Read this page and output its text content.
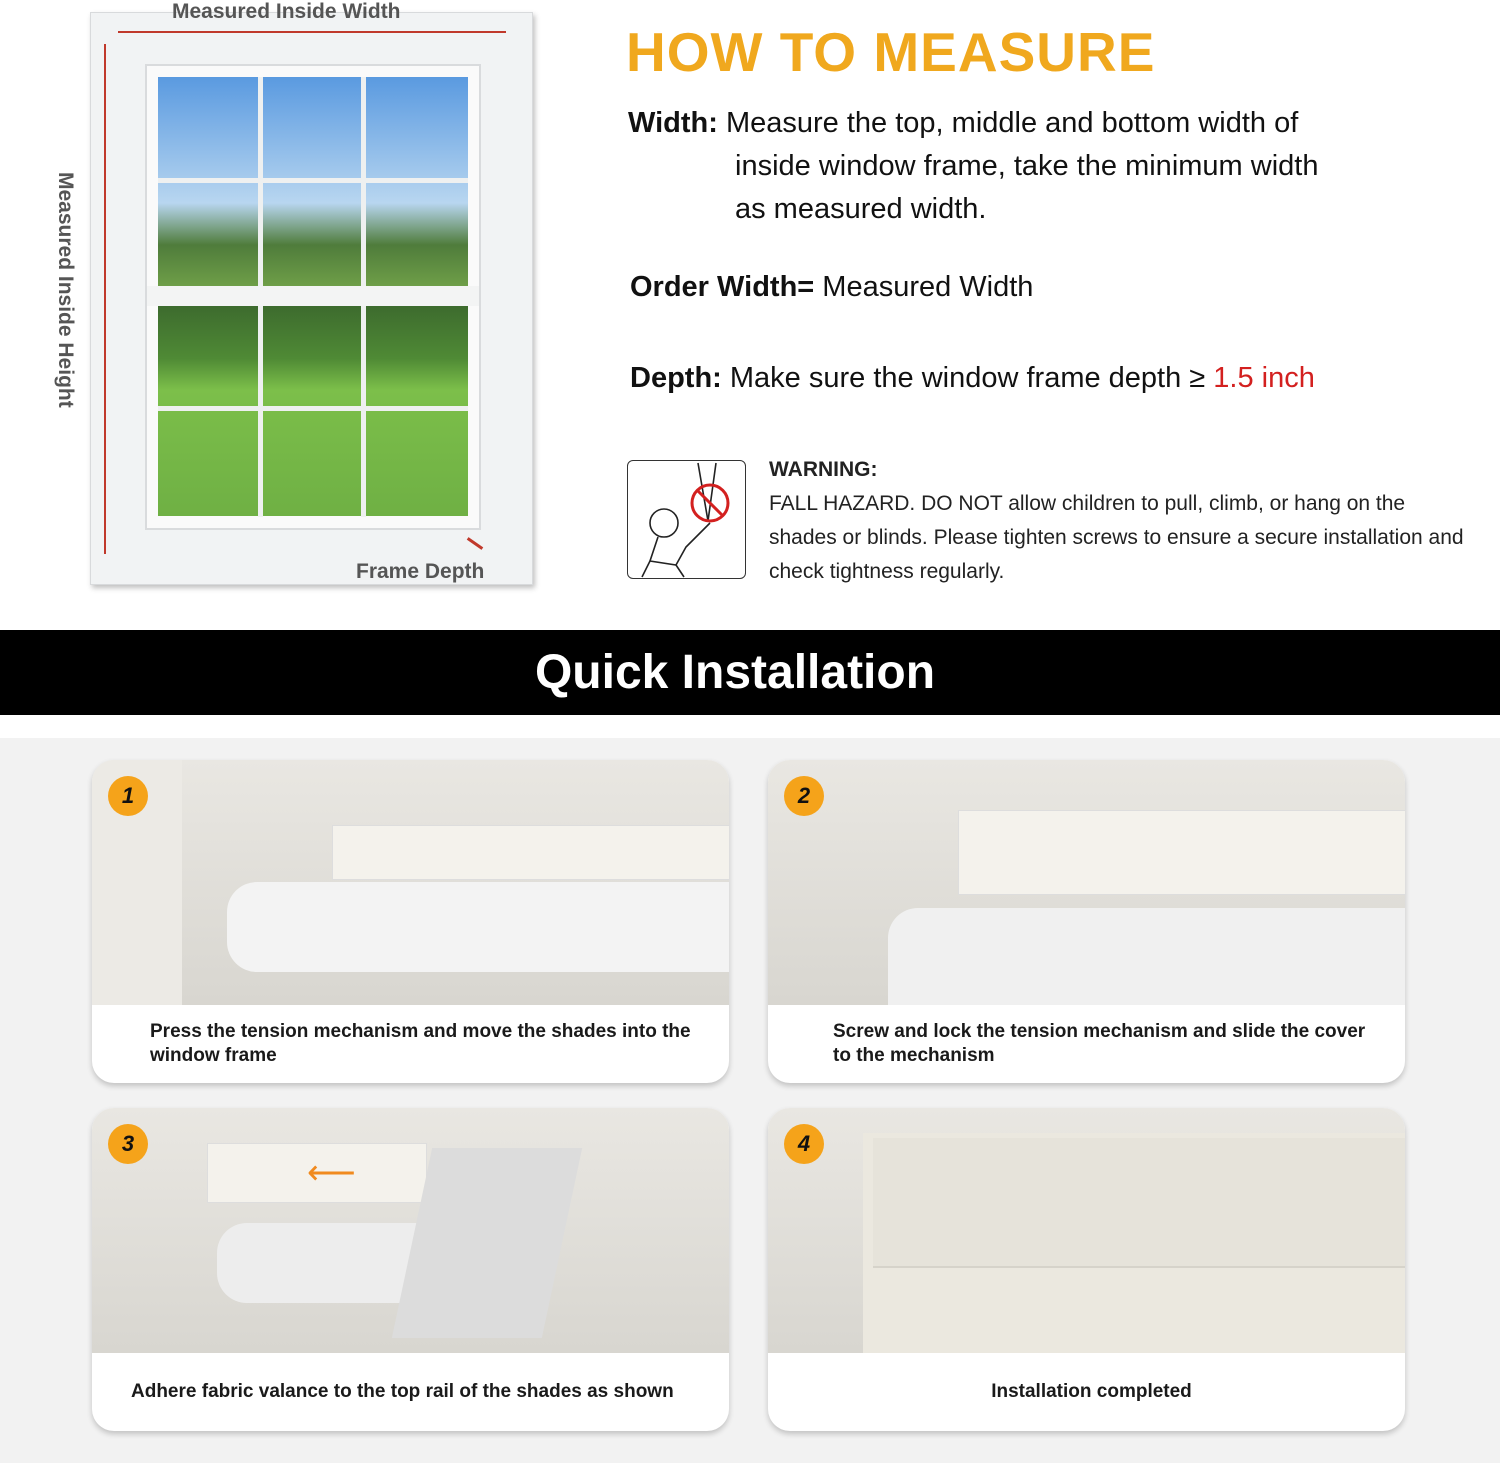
Measured Inside Width
Measured Inside Height
Frame Depth
HOW TO MEASURE
Width: Measure the top, middle and bottom width of
inside window frame, take the minimum width
as measured width.
Order Width= Measured Width
Depth: Make sure the window frame depth ≥ 1.5 inch
WARNING:
FALL HAZARD. DO NOT allow children to pull, climb, or hang on the shades or blinds. Please tighten screws to ensure a secure installation and check tightness regularly.
Quick Installation
1
Press the tension mechanism and move the shades into the window frame
2
Screw and lock the tension mechanism and slide the cover to the mechanism
⟵
3
Adhere fabric valance to the top rail of the shades as shown
4
Installation completed
